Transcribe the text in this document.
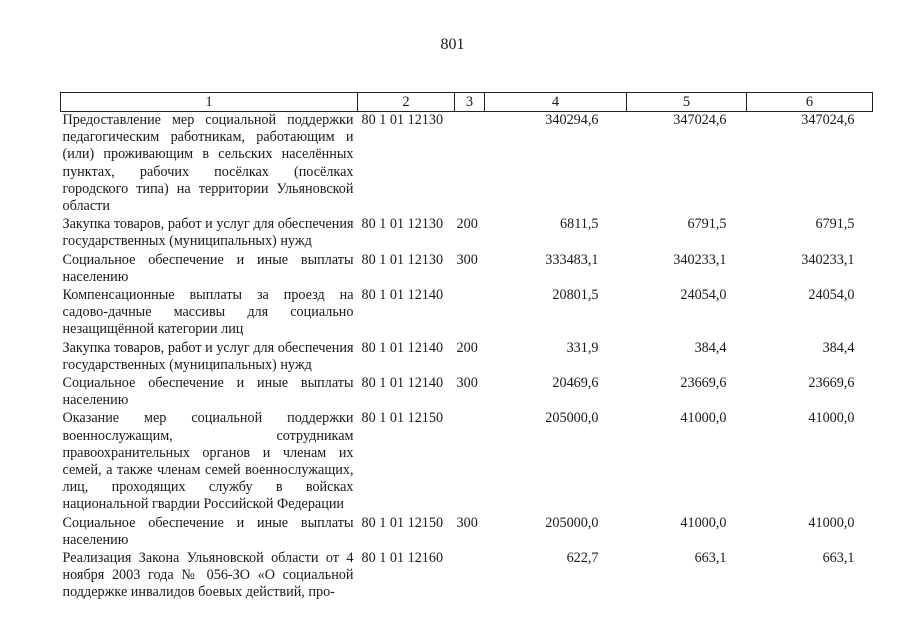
801
1	2	3	4	5	6
Предоставление мер социальной поддержки педагогическим работникам, работающим и (или) проживающим в сельских населённых пунктах, рабочих посёлках (посёлках городского типа) на территории Ульяновской области	80 1 01 12130		340294,6	347024,6	347024,6
Закупка товаров, работ и услуг для обеспечения государственных (муниципальных) нужд	80 1 01 12130	200	6811,5	6791,5	6791,5
Социальное обеспечение и иные выплаты населению	80 1 01 12130	300	333483,1	340233,1	340233,1
Компенсационные выплаты за проезд на садово-дачные массивы для социально незащищённой категории лиц	80 1 01 12140		20801,5	24054,0	24054,0
Закупка товаров, работ и услуг для обеспечения государственных (муниципальных) нужд	80 1 01 12140	200	331,9	384,4	384,4
Социальное обеспечение и иные выплаты населению	80 1 01 12140	300	20469,6	23669,6	23669,6
Оказание мер социальной поддержки военнослужащим, сотрудникам правоохранительных органов и членам их семей, а также членам семей военнослужащих, лиц, проходящих службу в войсках национальной гвардии Российской Федерации	80 1 01 12150		205000,0	41000,0	41000,0
Социальное обеспечение и иные выплаты населению	80 1 01 12150	300	205000,0	41000,0	41000,0
Реализация Закона Ульяновской области от 4 ноября 2003 года № 056-ЗО «О социальной поддержке инвалидов боевых действий, про-	80 1 01 12160		622,7	663,1	663,1
